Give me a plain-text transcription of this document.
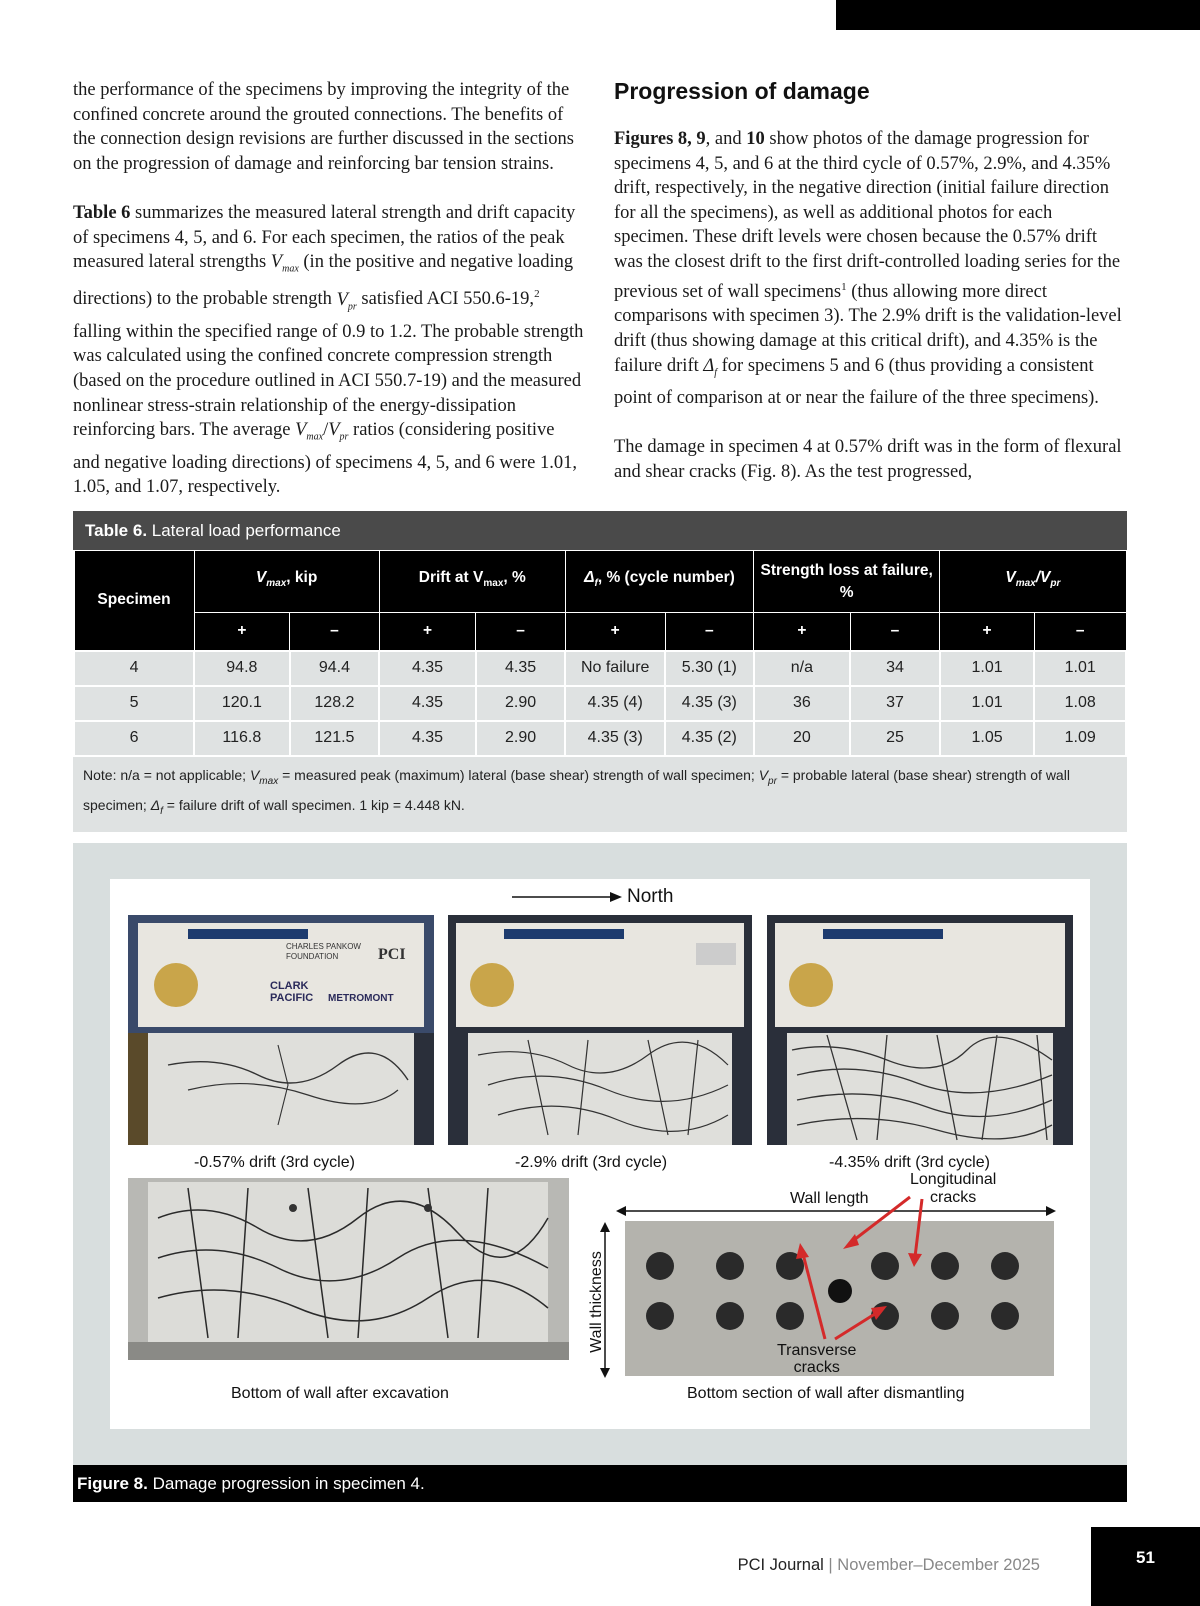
the performance of the specimens by improving the integrity of the confined concrete around the grouted connections. The benefits of the connection design revisions are further discussed in the sections on the progression of damage and reinforcing bar tension strains.

Table 6 summarizes the measured lateral strength and drift capacity of specimens 4, 5, and 6. For each specimen, the ratios of the peak measured lateral strengths $V_{max}$ (in the positive and negative loading directions) to the probable strength $V_{pr}$ satisfied ACI 550.6-19,$^2$ falling within the specified range of 0.9 to 1.2. The probable strength was calculated using the confined concrete compression strength (based on the procedure outlined in ACI 550.7-19) and the measured nonlinear stress-strain relationship of the energy-dissipation reinforcing bars. The average $V_{max}/V_{pr}$ ratios (considering positive and negative loading directions) of specimens 4, 5, and 6 were 1.01, 1.05, and 1.07, respectively.

Progression of damage

Figures 8, 9, and 10 show photos of the damage progression for specimens 4, 5, and 6 at the third cycle of 0.57%, 2.9%, and 4.35% drift, respectively, in the negative direction (initial failure direction for all the specimens), as well as additional photos for each specimen. These drift levels were chosen because the 0.57% drift was the closest drift to the first drift-controlled loading series for the previous set of wall specimens$^1$ (thus allowing more direct comparisons with specimen 3). The 2.9% drift is the validation-level drift (thus showing damage at this critical drift), and 4.35% is the failure drift $\Delta_f$ for specimens 5 and 6 (thus providing a consistent point of comparison at or near the failure of the three specimens).

The damage in specimen 4 at 0.57% drift was in the form of flexural and shear cracks (Fig. 8). As the test progressed,

Table 6. Lateral load performance
Specimen	$V_{max}$, kip		Drift at $V_{max}$, %		$\Delta_f$, % (cycle number)		Strength loss at failure, %		$V_{max}/V_{pr}$
	+	–	+	–	+	–	+	–	+	–
4	94.8	94.4	4.35	4.35	No failure	5.30 (1)	n/a	34	1.01	1.01
5	120.1	128.2	4.35	2.90	4.35 (4)	4.35 (3)	36	37	1.01	1.08
6	116.8	121.5	4.35	2.90	4.35 (3)	4.35 (2)	20	25	1.05	1.09
Note: n/a = not applicable; $V_{max}$ = measured peak (maximum) lateral (base shear) strength of wall specimen; $V_{pr}$ = probable lateral (base shear) strength of wall specimen; $\Delta_f$ = failure drift of wall specimen. 1 kip = 4.448 kN.
North
CHARLES PANKOW
FOUNDATION PCI
CLARK
PACIFIC METROMONT
-0.57% drift (3rd cycle)	-2.9% drift (3rd cycle)	-4.35% drift (3rd cycle)
Bottom of wall after excavation
Wall length
Longitudinal
cracks
Transverse
cracks
Wall thickness
Bottom section of wall after dismantling
Figure 8. Damage progression in specimen 4.
PCI Journal | November–December 2025	51
